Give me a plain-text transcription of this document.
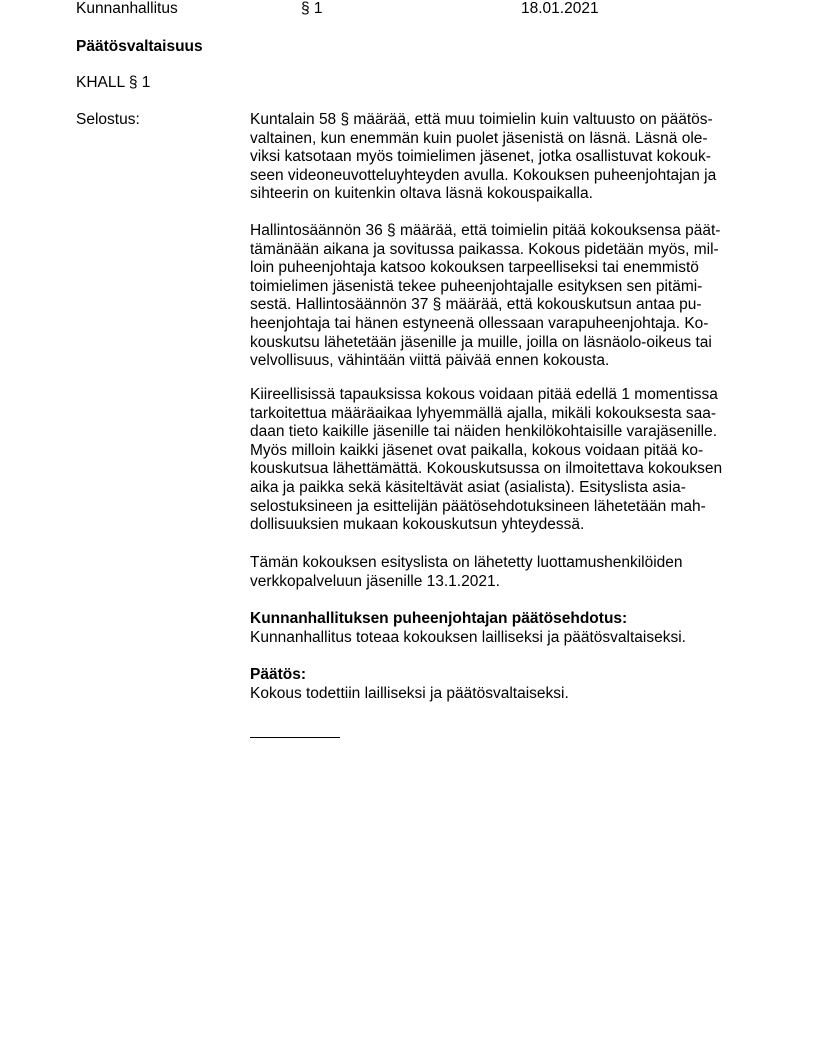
Kunnanhallitus	§ 1	18.01.2021
Päätösvaltaisuus
KHALL § 1
Selostus:	Kuntalain 58 § määrää, että muu toimielin kuin valtuusto on päätös-
valtainen, kun enemmän kuin puolet jäsenistä on läsnä. Läsnä ole-
viksi katsotaan myös toimielimen jäsenet, jotka osallistuvat kokouk-
seen videoneuvotteluyhteyden avulla. Kokouksen puheenjohtajan ja
sihteerin on kuitenkin oltava läsnä kokouspaikalla.

Hallintosäännön 36 § määrää, että toimielin pitää kokouksensa päät-
tämänään aikana ja sovitussa paikassa. Kokous pidetään myös, mil-
loin puheenjohtaja katsoo kokouksen tarpeelliseksi tai enemmistö
toimielimen jäsenistä tekee puheenjohtajalle esityksen sen pitämi-
sestä. Hallintosäännön 37 § määrää, että kokouskutsun antaa pu-
heenjohtaja tai hänen estyneenä ollessaan varapuheenjohtaja. Ko-
kouskutsu lähetetään jäsenille ja muille, joilla on läsnäolo-oikeus tai
velvollisuus, vähintään viittä päivää ennen kokousta.

Kiireellisissä tapauksissa kokous voidaan pitää edellä 1 momentissa
tarkoitettua määräaikaa lyhyemmällä ajalla, mikäli kokouksesta saa-
daan tieto kaikille jäsenille tai näiden henkilökohtaisille varajäsenille.
Myös milloin kaikki jäsenet ovat paikalla, kokous voidaan pitää ko-
kouskutsua lähettämättä. Kokouskutsussa on ilmoitettava kokouksen
aika ja paikka sekä käsiteltävät asiat (asialista). Esityslista asia-
selostuksineen ja esittelijän päätösehdotuksineen lähetetään mah-
dollisuuksien mukaan kokouskutsun yhteydessä.

Tämän kokouksen esityslista on lähetetty luottamushenkilöiden
verkkopalveluun jäsenille 13.1.2021.

Kunnanhallituksen puheenjohtajan päätösehdotus:

Kunnanhallitus toteaa kokouksen lailliseksi ja päätösvaltaiseksi.

Päätös:

Kokous todettiin lailliseksi ja päätösvaltaiseksi.
